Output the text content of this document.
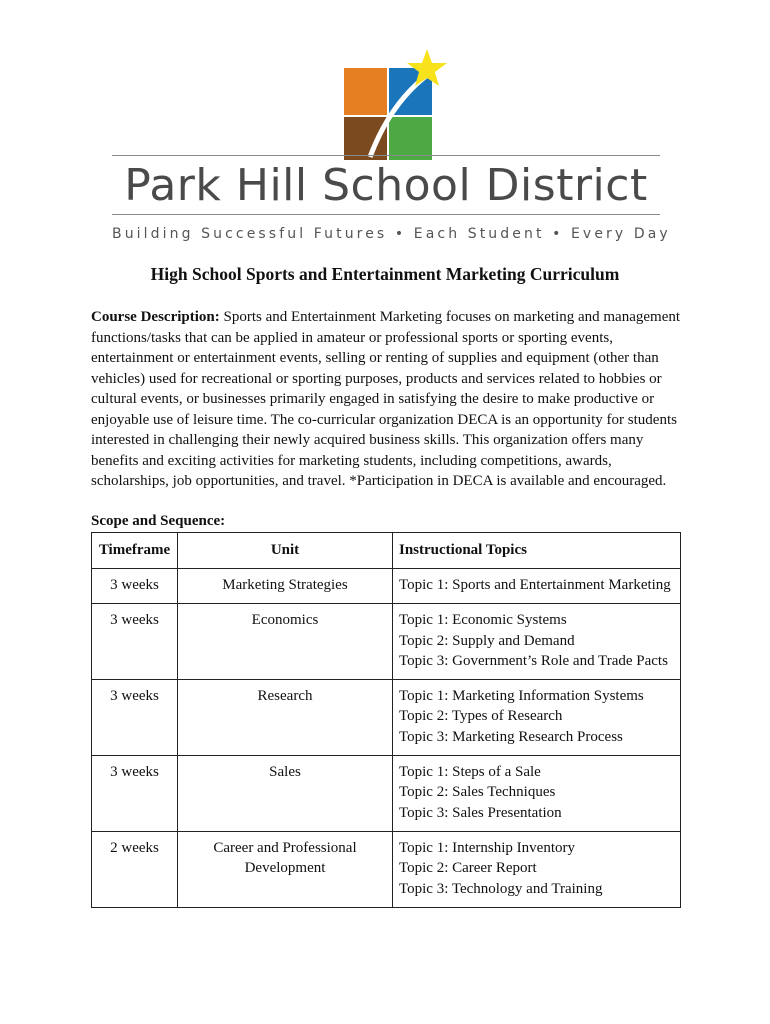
Park Hill School District
Building Successful Futures • Each Student • Every Day
High School Sports and Entertainment Marketing Curriculum
Course Description: Sports and Entertainment Marketing focuses on marketing and management functions/tasks that can be applied in amateur or professional sports or sporting events, entertainment or entertainment events, selling or renting of supplies and equipment (other than vehicles) used for recreational or sporting purposes, products and services related to hobbies or cultural events, or businesses primarily engaged in satisfying the desire to make productive or enjoyable use of leisure time. The co-curricular organization DECA is an opportunity for students interested in challenging their newly acquired business skills. This organization offers many benefits and exciting activities for marketing students, including competitions, awards, scholarships, job opportunities, and travel. *Participation in DECA is available and encouraged.
Scope and Sequence:
Timeframe	Unit	Instructional Topics
3 weeks	Marketing Strategies	Topic 1: Sports and Entertainment Marketing

3 weeks	Economics	Topic 1: Economic Systems
Topic 2: Supply and Demand
Topic 3: Government’s Role and Trade Pacts

3 weeks	Research	Topic 1: Marketing Information Systems
Topic 2: Types of Research
Topic 3: Marketing Research Process

3 weeks	Sales	Topic 1: Steps of a Sale
Topic 2: Sales Techniques
Topic 3: Sales Presentation

2 weeks	Career and Professional
Development	Topic 1: Internship Inventory
Topic 2: Career Report
Topic 3: Technology and Training
